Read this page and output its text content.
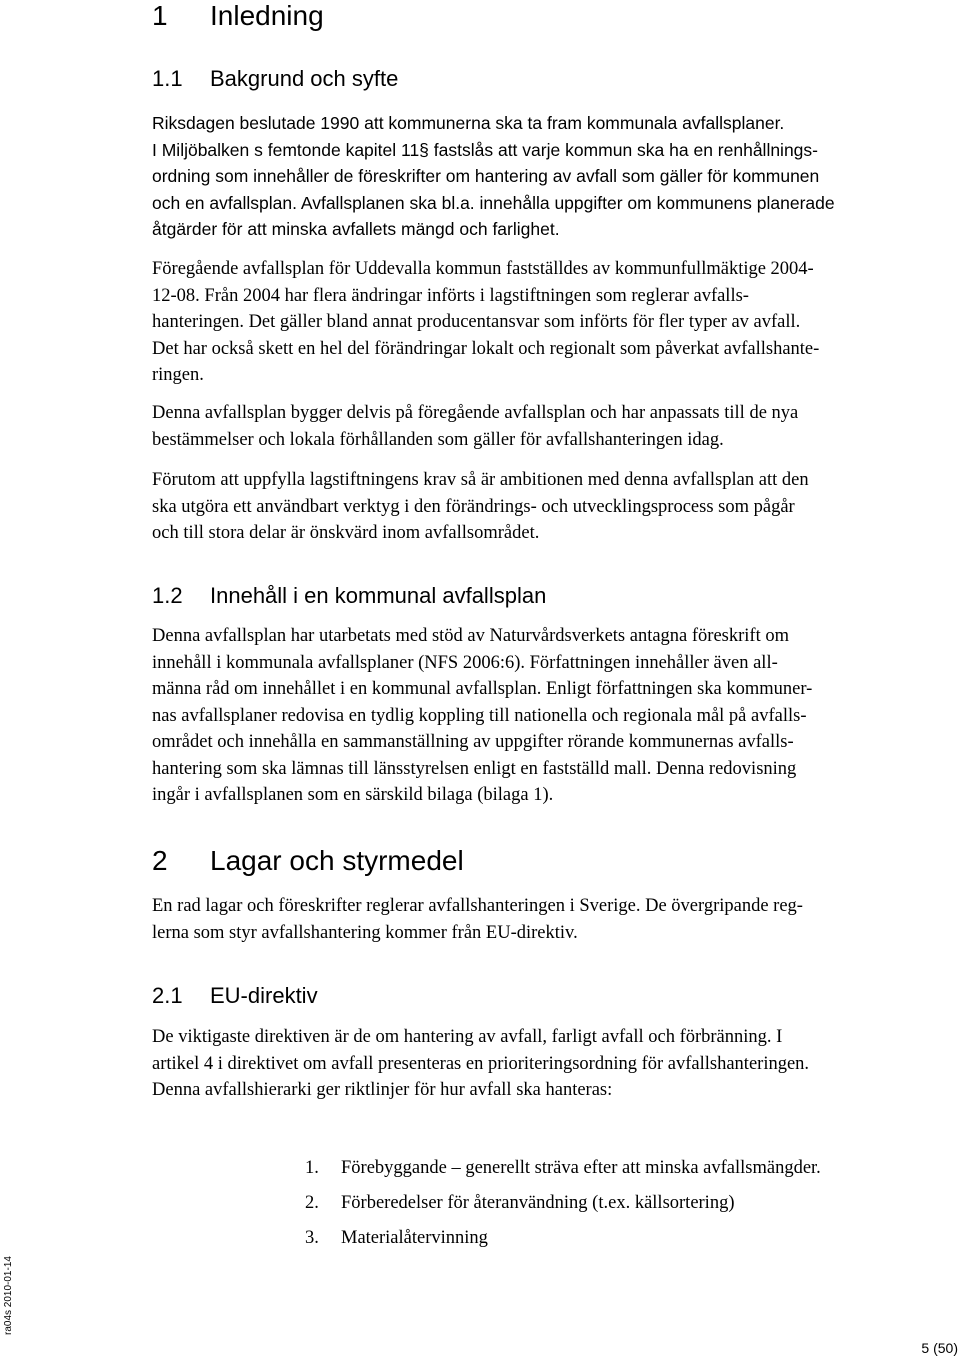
1 Inledning
1.1 Bakgrund och syfte
Riksdagen beslutade 1990 att kommunerna ska ta fram kommunala avfallsplaner.
I Miljöbalken s femtonde kapitel 11§ fastslås att varje kommun ska ha en renhållnings-
ordning som innehåller de föreskrifter om hantering av avfall som gäller för kommunen
och en avfallsplan. Avfallsplanen ska bl.a. innehålla uppgifter om kommunens planerade
åtgärder för att minska avfallets mängd och farlighet.
Föregående avfallsplan för Uddevalla kommun fastställdes av kommunfullmäktige 2004-
12-08. Från 2004 har flera ändringar införts i lagstiftningen som reglerar avfalls-
hanteringen. Det gäller bland annat producentansvar som införts för fler typer av avfall.
Det har också skett en hel del förändringar lokalt och regionalt som påverkat avfallshante-
ringen.
Denna avfallsplan bygger delvis på föregående avfallsplan och har anpassats till de nya
bestämmelser och lokala förhållanden som gäller för avfallshanteringen idag.
Förutom att uppfylla lagstiftningens krav så är ambitionen med denna avfallsplan att den
ska utgöra ett användbart verktyg i den förändrings- och utvecklingsprocess som pågår
och till stora delar är önskvärd inom avfallsområdet.
1.2 Innehåll i en kommunal avfallsplan
Denna avfallsplan har utarbetats med stöd av Naturvårdsverkets antagna föreskrift om
innehåll i kommunala avfallsplaner (NFS 2006:6). Författningen innehåller även all-
männa råd om innehållet i en kommunal avfallsplan. Enligt författningen ska kommuner-
nas avfallsplaner redovisa en tydlig koppling till nationella och regionala mål på avfalls-
området och innehålla en sammanställning av uppgifter rörande kommunernas avfalls-
hantering som ska lämnas till länsstyrelsen enligt en fastställd mall. Denna redovisning
ingår i avfallsplanen som en särskild bilaga (bilaga 1).
2 Lagar och styrmedel
En rad lagar och föreskrifter reglerar avfallshanteringen i Sverige. De övergripande reg-
lerna som styr avfallshantering kommer från EU-direktiv.
2.1 EU-direktiv
De viktigaste direktiven är de om hantering av avfall, farligt avfall och förbränning. I
artikel 4 i direktivet om avfall presenteras en prioriteringsordning för avfallshanteringen.
Denna avfallshierarki ger riktlinjer för hur avfall ska hanteras:
1. Förebyggande – generellt sträva efter att minska avfallsmängder.
2. Förberedelser för återanvändning (t.ex. källsortering)
3. Materialåtervinning
ra04s 2010-01-14
5 (50)
